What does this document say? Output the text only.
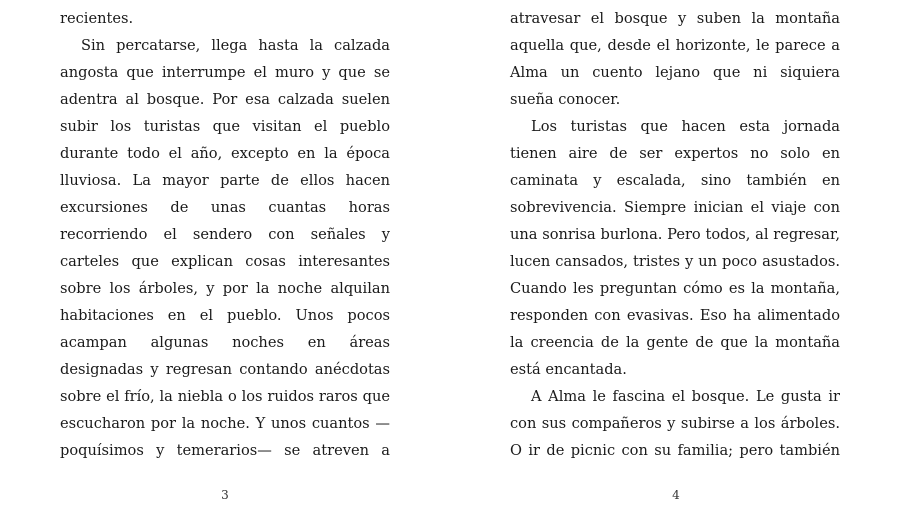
recientes.
Sin percatarse, llega hasta la calzada
angosta que interrumpe el muro y que se
adentra al bosque. Por esa calzada suelen
subir los turistas que visitan el pueblo
durante todo el año, excepto en la época
lluviosa. La mayor parte de ellos hacen
excursiones de unas cuantas horas
recorriendo el sendero con señales y
carteles que explican cosas interesantes
sobre los árboles, y por la noche alquilan
habitaciones en el pueblo. Unos pocos
acampan algunas noches en áreas
designadas y regresan contando anécdotas
sobre el frío, la niebla o los ruidos raros que
escucharon por la noche. Y unos cuantos —
poquísimos y temerarios— se atreven a
atravesar el bosque y suben la montaña
aquella que, desde el horizonte, le parece a
Alma un cuento lejano que ni siquiera
sueña conocer.
Los turistas que hacen esta jornada
tienen aire de ser expertos no solo en
caminata y escalada, sino también en
sobrevivencia. Siempre inician el viaje con
una sonrisa burlona. Pero todos, al regresar,
lucen cansados, tristes y un poco asustados.
Cuando les preguntan cómo es la montaña,
responden con evasivas. Eso ha alimentado
la creencia de la gente de que la montaña
está encantada.
A Alma le fascina el bosque. Le gusta ir
con sus compañeros y subirse a los árboles.
O ir de picnic con su familia; pero también
3	4
